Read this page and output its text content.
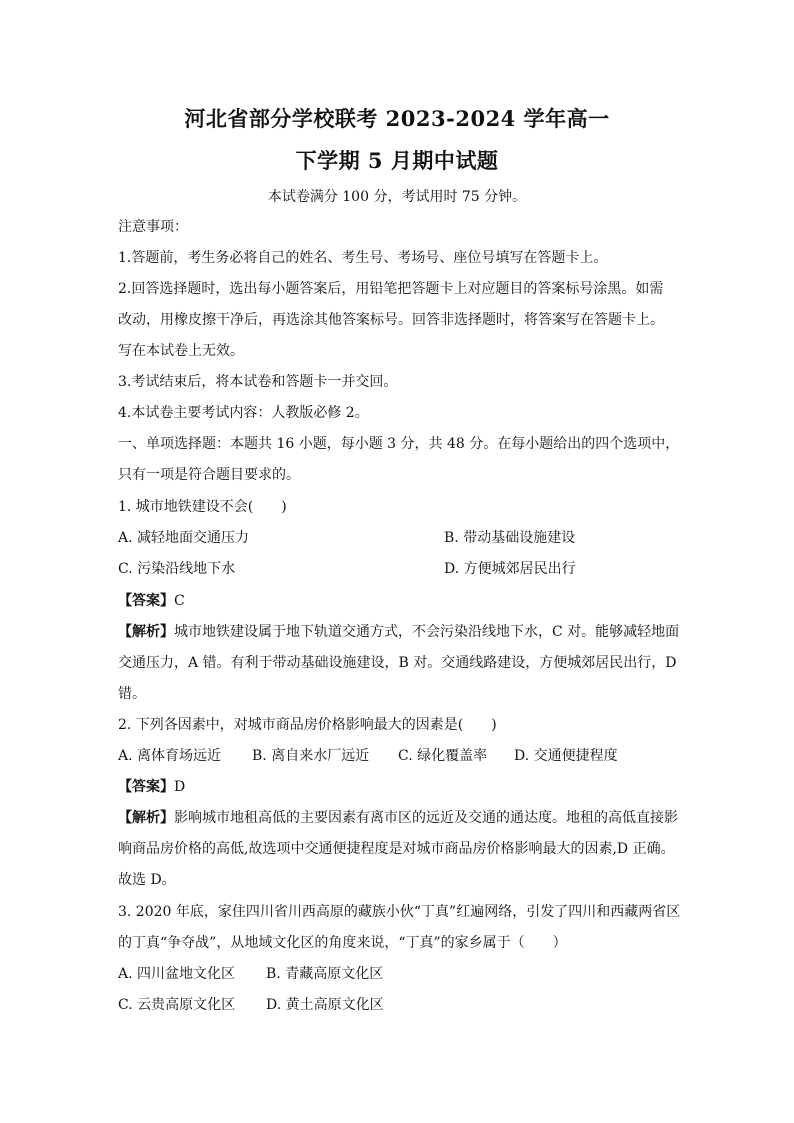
河北省部分学校联考 2023-2024 学年高一
下学期 5 月期中试题
本试卷满分 100 分，考试用时 75 分钟。
注意事项：
1.答题前，考生务必将自己的姓名、考生号、考场号、座位号填写在答题卡上。
2.回答选择题时，选出每小题答案后，用铅笔把答题卡上对应题目的答案标号涂黑。如需
改动，用橡皮擦干净后，再选涂其他答案标号。回答非选择题时，将答案写在答题卡上。
写在本试卷上无效。
3.考试结束后，将本试卷和答题卡一并交回。
4.本试卷主要考试内容：人教版必修 2。
一、单项选择题：本题共 16 小题，每小题 3 分，共 48 分。在每小题给出的四个选项中，
只有一项是符合题目要求的。
1. 城市地铁建设不会(　　)
A. 减轻地面交通压力	B. 带动基础设施建设
C. 污染沿线地下水	D. 方便城郊居民出行
【答案】C
【解析】城市地铁建设属于地下轨道交通方式，不会污染沿线地下水，C 对。能够减轻地面
交通压力，A 错。有利于带动基础设施建设，B 对。交通线路建设，方便城郊居民出行，D
错。
2. 下列各因素中，对城市商品房价格影响最大的因素是(　　)
A. 离体育场远近 B. 离自来水厂远近 C. 绿化覆盖率 D. 交通便捷程度
【答案】D
【解析】影响城市地租高低的主要因素有离市区的远近及交通的通达度。地租的高低直接影
响商品房价格的高低,故选项中交通便捷程度是对城市商品房价格影响最大的因素,D 正确。
故选 D。
3. 2020 年底，家住四川省川西高原的藏族小伙“丁真”红遍网络，引发了四川和西藏两省区
的丁真“争夺战”，从地域文化区的角度来说，“丁真”的家乡属于（　　）
A. 四川盆地文化区 B. 青藏高原文化区
C. 云贵高原文化区 D. 黄土高原文化区
